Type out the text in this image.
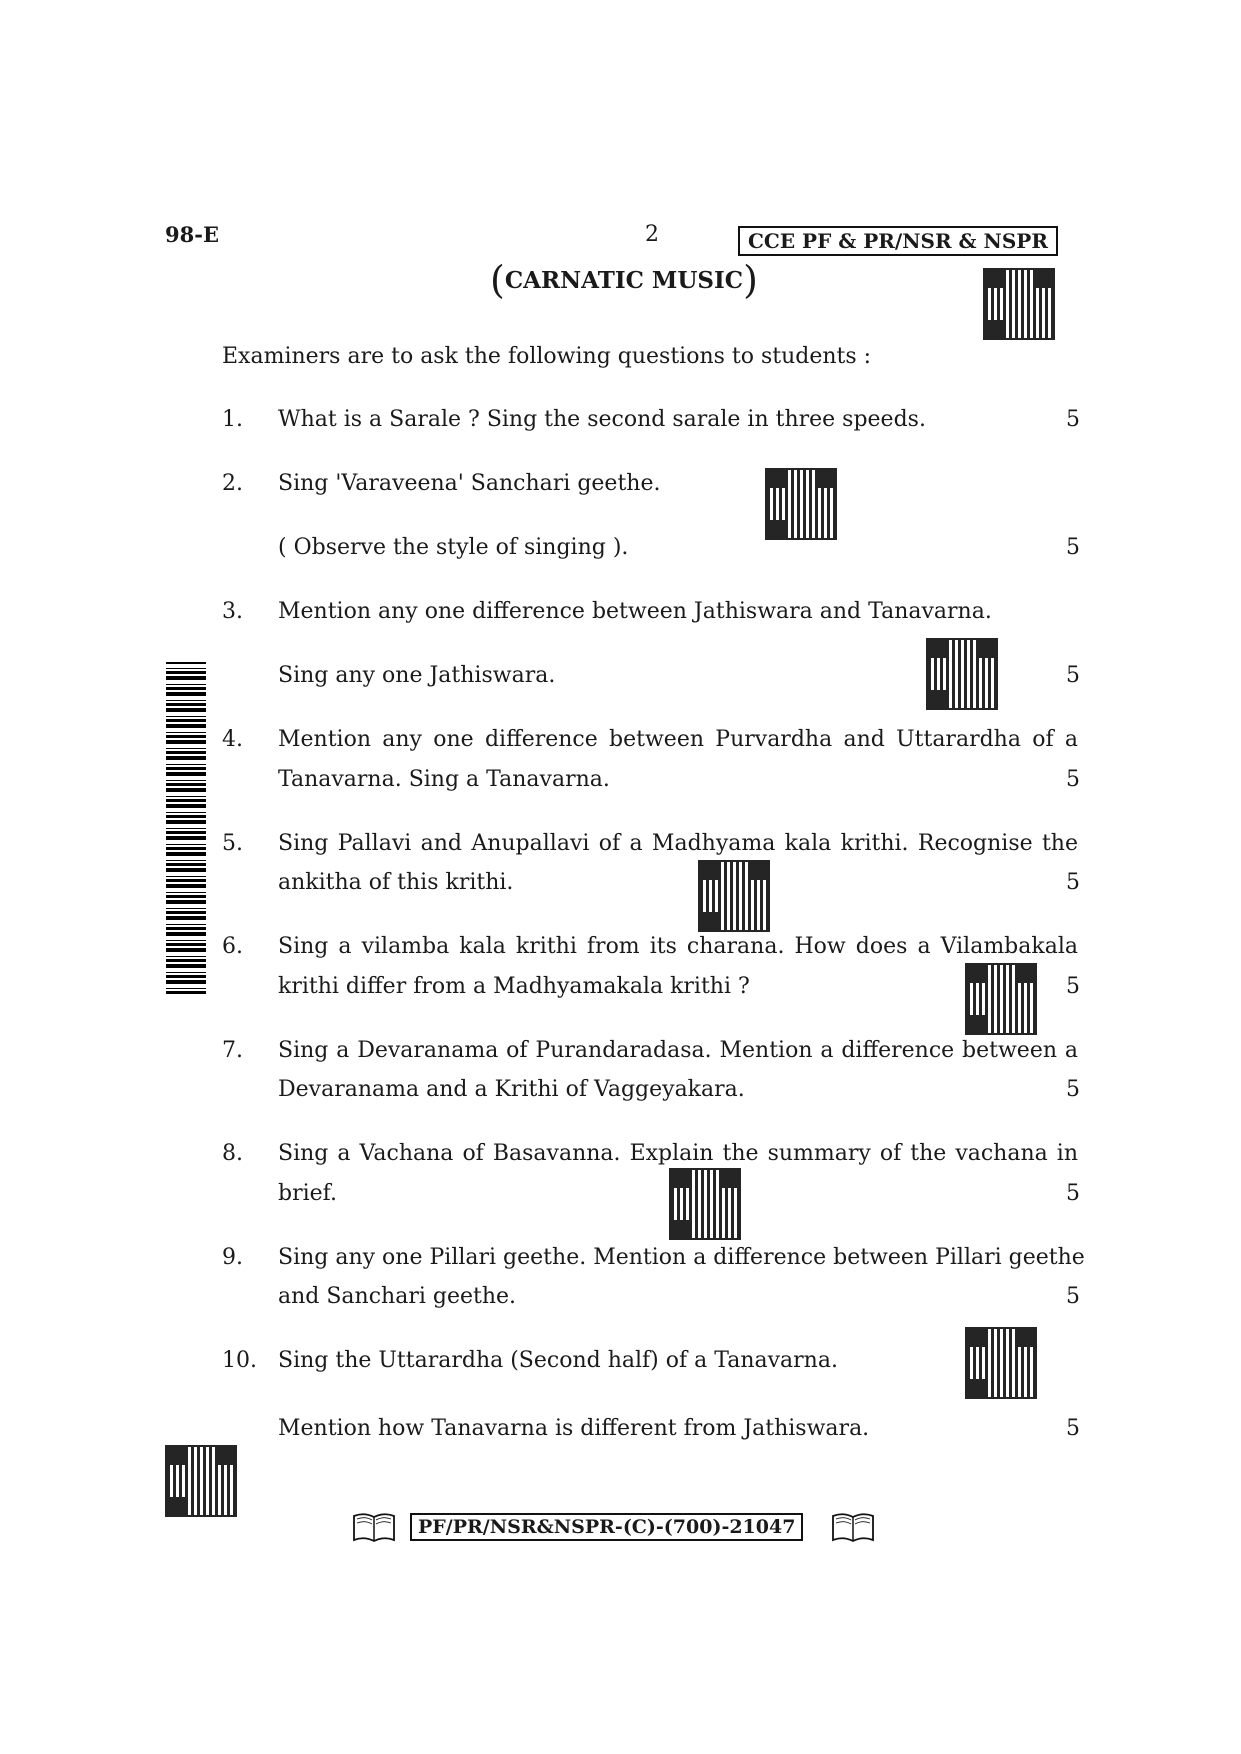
98-E	2	CCE PF & PR/NSR & NSPR
(CARNATIC MUSIC)
Examiners are to ask the following questions to students :
1. What is a Sarale ? Sing the second sarale in three speeds.	5
2. Sing 'Varaveena' Sanchari geethe.
( Observe the style of singing ).	5
3. Mention any one difference between Jathiswara and Tanavarna.
Sing any one Jathiswara.	5
4. Mention any one difference between Purvardha and Uttarardha of a
Tanavarna. Sing a Tanavarna.	5
5. Sing Pallavi and Anupallavi of a Madhyama kala krithi. Recognise the
ankitha of this krithi.	5
6. Sing a vilamba kala krithi from its charana. How does a Vilambakala
krithi differ from a Madhyamakala krithi ?	5
7. Sing a Devaranama of Purandaradasa. Mention a difference between a
Devaranama and a Krithi of Vaggeyakara.	5
8. Sing a Vachana of Basavanna. Explain the summary of the vachana in
brief.	5
9. Sing any one Pillari geethe. Mention a difference between Pillari geethe
and Sanchari geethe.	5
10. Sing the Uttarardha (Second half) of a Tanavarna.
Mention how Tanavarna is different from Jathiswara.	5
PF/PR/NSR&NSPR-(C)-(700)-21047
